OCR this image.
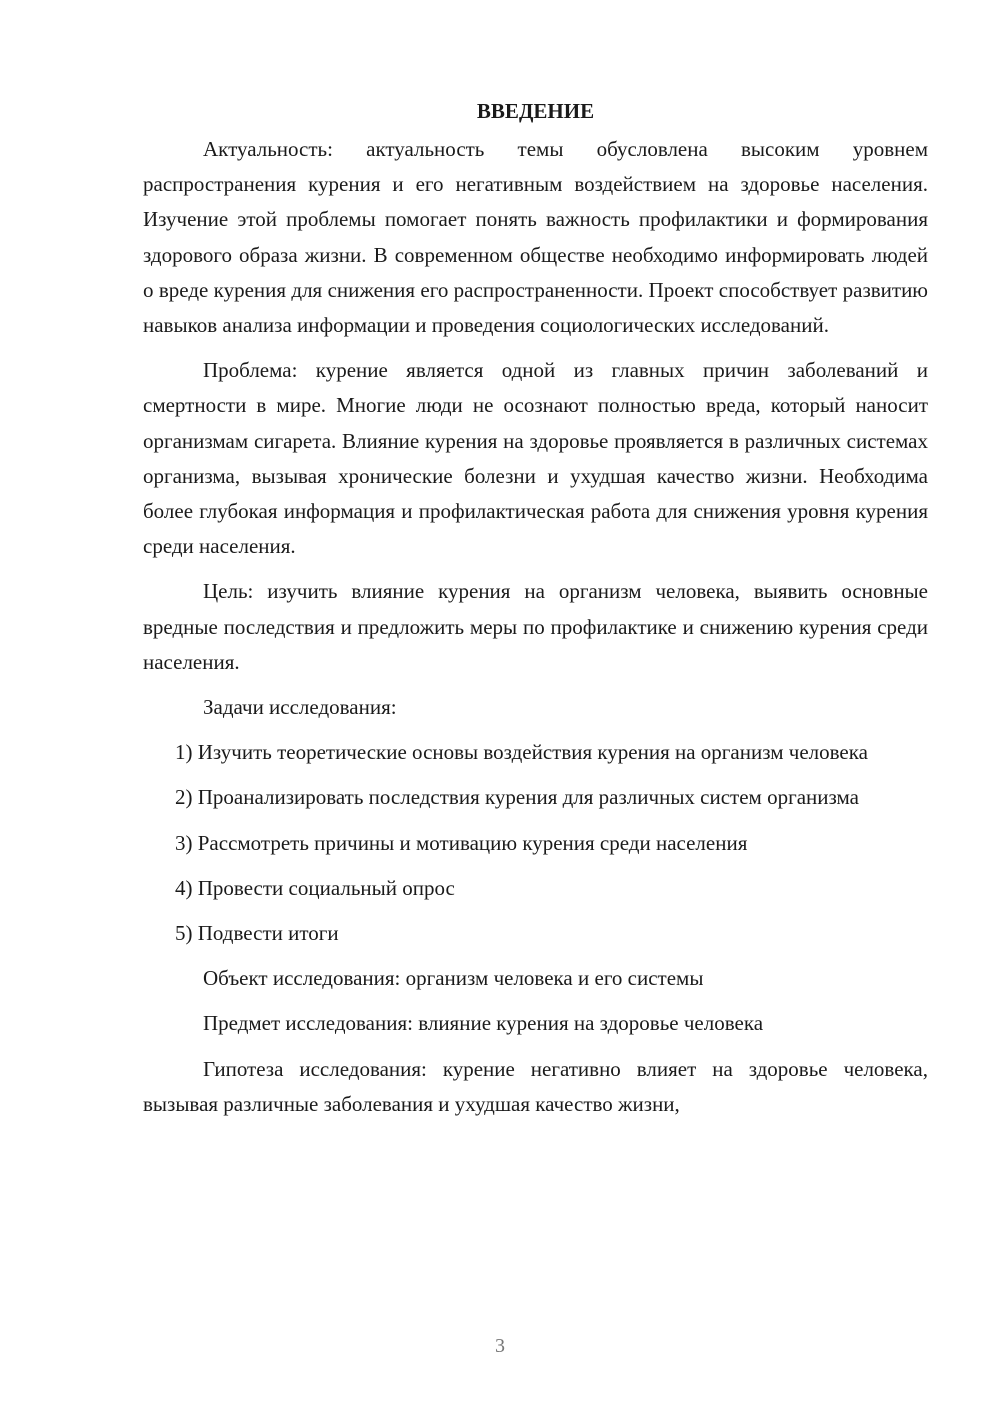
ВВЕДЕНИЕ

Актуальность: актуальность темы обусловлена высоким уровнем распространения курения и его негативным воздействием на здоровье населения. Изучение этой проблемы помогает понять важность профилактики и формирования здорового образа жизни. В современном обществе необходимо информировать людей о вреде курения для снижения его распространенности. Проект способствует развитию навыков анализа информации и проведения социологических исследований.

Проблема: курение является одной из главных причин заболеваний и смертности в мире. Многие люди не осознают полностью вреда, который наносит организмам сигарета. Влияние курения на здоровье проявляется в различных системах организма, вызывая хронические болезни и ухудшая качество жизни. Необходима более глубокая информация и профилактическая работа для снижения уровня курения среди населения.

Цель: изучить влияние курения на организм человека, выявить основные вредные последствия и предложить меры по профилактике и снижению курения среди населения.

Задачи исследования:

1) Изучить теоретические основы воздействия курения на организм человека

2) Проанализировать последствия курения для различных систем организма

3) Рассмотреть причины и мотивацию курения среди населения

4) Провести социальный опрос

5) Подвести итоги

Объект исследования: организм человека и его системы

Предмет исследования: влияние курения на здоровье человека

Гипотеза исследования: курение негативно влияет на здоровье человека, вызывая различные заболевания и ухудшая качество жизни,

3
